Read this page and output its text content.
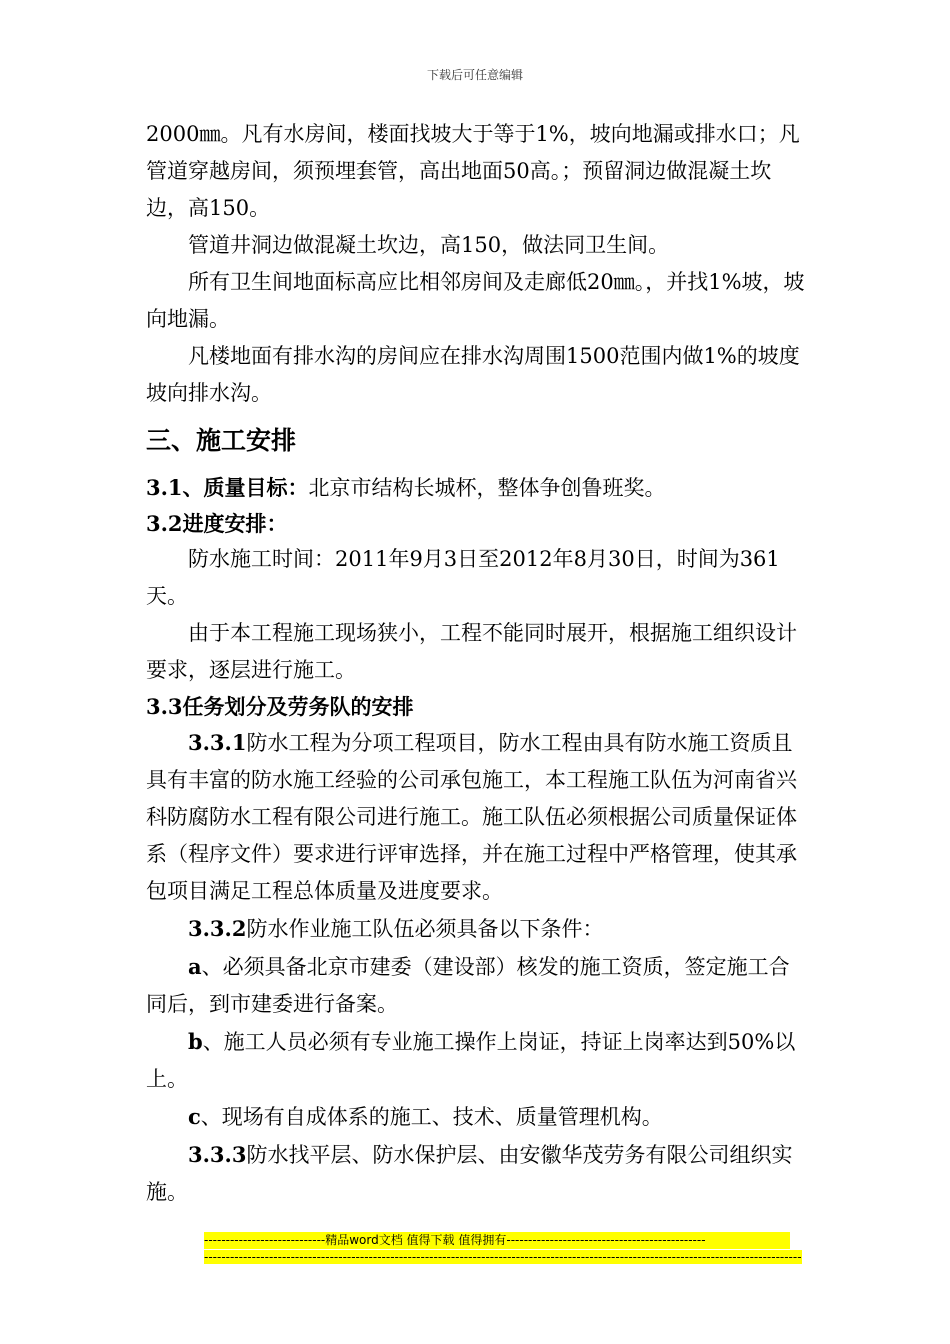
下载后可任意编辑

2000㎜。凡有水房间，楼面找坡大于等于1%，坡向地漏或排水口；凡管道穿越房间，须预埋套管，高出地面50高。；预留洞边做混凝土坎边，高150。

管道井洞边做混凝土坎边，高150，做法同卫生间。

所有卫生间地面标高应比相邻房间及走廊低20㎜。，并找1%坡，坡向地漏。

凡楼地面有排水沟的房间应在排水沟周围1500范围内做1%的坡度坡向排水沟。

三、施工安排

3.1、质量目标：北京市结构长城杯，整体争创鲁班奖。

3.2进度安排：

防水施工时间：2011年9月3日至2012年8月30日，时间为361天。

由于本工程施工现场狭小，工程不能同时展开，根据施工组织设计要求，逐层进行施工。

3.3任务划分及劳务队的安排

3.3.1防水工程为分项工程项目，防水工程由具有防水施工资质且具有丰富的防水施工经验的公司承包施工，本工程施工队伍为河南省兴科防腐防水工程有限公司进行施工。施工队伍必须根据公司质量保证体系（程序文件）要求进行评审选择，并在施工过程中严格管理，使其承包项目满足工程总体质量及进度要求。

3.3.2防水作业施工队伍必须具备以下条件：

a、必须具备北京市建委（建设部）核发的施工资质，签定施工合同后，到市建委进行备案。

b、施工人员必须有专业施工操作上岗证，持证上岗率达到50%以上。

c、现场有自成体系的施工、技术、质量管理机构。

3.3.3防水找平层、防水保护层、由安徽华茂劳务有限公司组织实施。

----------------------------精品word文档 值得下载 值得拥有----------------------------------------------
------------------------------------------------------------------------------------------------------------------------------------------
